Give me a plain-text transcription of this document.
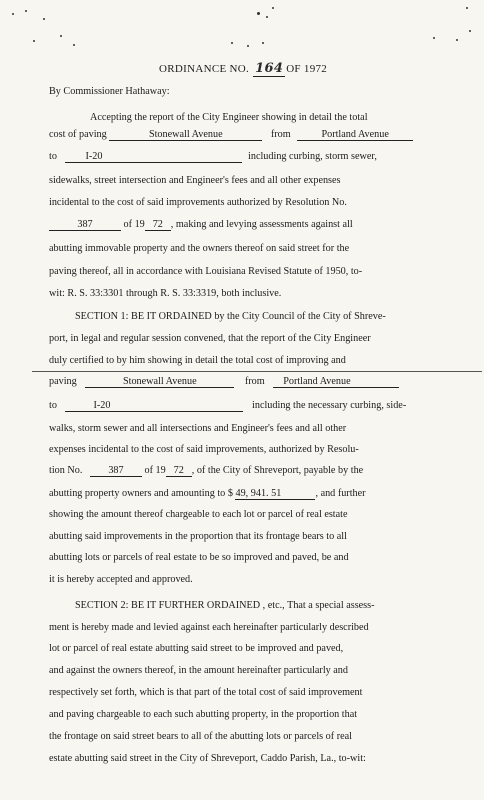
ORDINANCE NO. 164 OF 1972
By Commissioner Hathaway:
Accepting the report of the City Engineer showing in detail the total
cost of paving	Stonewall Avenue	from	Portland Avenue
to	I-20	including curbing, storm sewer,
sidewalks, street intersection and Engineer's fees and all other expenses
incidental to the cost of said improvements authorized by Resolution No.
387	of 19 72 , making and levying assessments against all
abutting immovable property and the owners thereof on said street for the
paving thereof, all in accordance with Louisiana Revised Statute of 1950, to-
wit: R. S. 33:3301 through R. S. 33:3319, both inclusive.
SECTION 1: BE IT ORDAINED by the City Council of the City of Shreve-
port, in legal and regular session convened, that the report of the City Engineer
duly certified to by him showing in detail the total cost of improving and
paving	Stonewall Avenue	from Portland Avenue
to	I-20	including the necessary curbing, side-
walks, storm sewer and all intersections and Engineer's fees and all other
expenses incidental to the cost of said improvements, authorized by Resolu-
tion No.	387 of 19 72 , of the City of Shreveport, payable by the
abutting property owners and amounting to $ 49, 941. 51	, and further
showing the amount thereof chargeable to each lot or parcel of real estate
abutting said improvements in the proportion that its frontage bears to all
abutting lots or parcels of real estate to be so improved and paved, be and
it is hereby accepted and approved.
SECTION 2: BE IT FURTHER ORDAINED , etc., That a special assess-
ment is hereby made and levied against each hereinafter particularly described
lot or parcel of real estate abutting said street to be improved and paved,
and against the owners thereof, in the amount hereinafter particularly and
respectively set forth, which is that part of the total cost of said improvement
and paving chargeable to each such abutting property, in the proportion that
the frontage on said street bears to all of the abutting lots or parcels of real
estate abutting said street in the City of Shreveport, Caddo Parish, La., to-wit:
